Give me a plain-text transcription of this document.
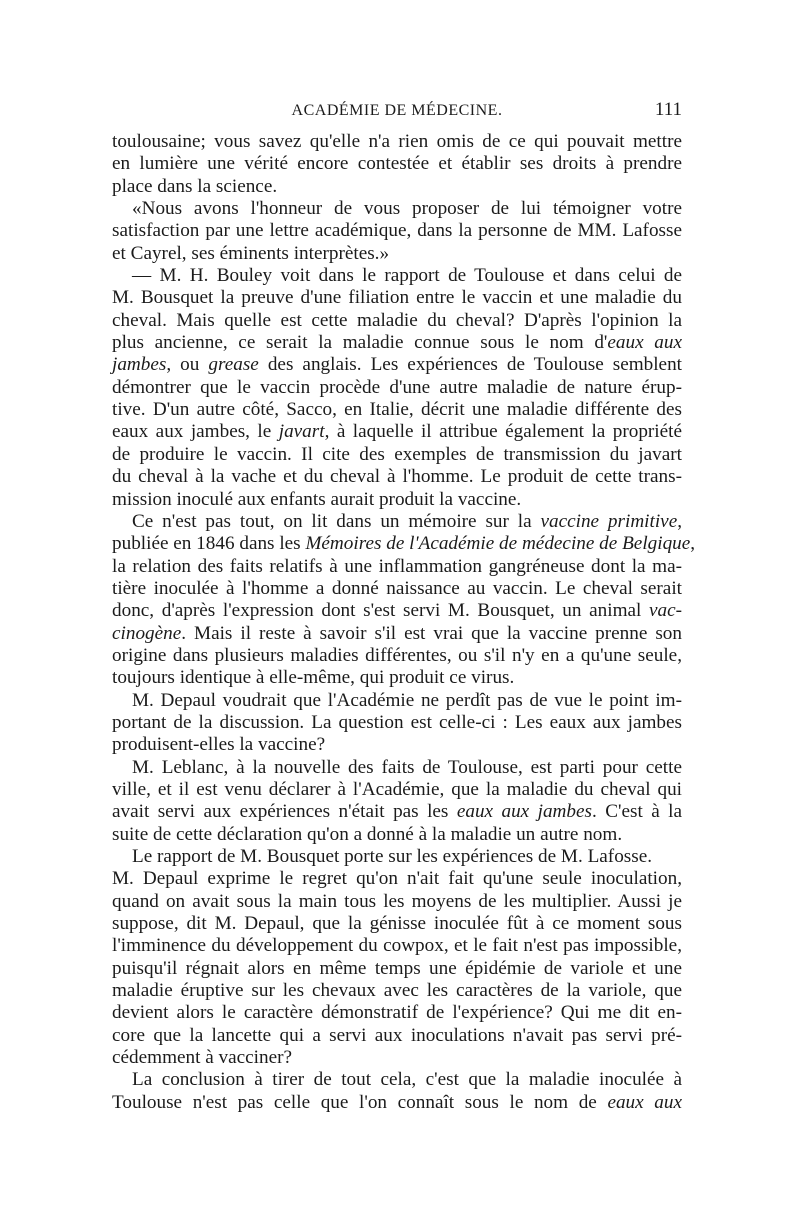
ACADÉMIE DE MÉDECINE.	111
toulousaine; vous savez qu'elle n'a rien omis de ce qui pouvait mettre
en lumière une vérité encore contestée et établir ses droits à prendre
place dans la science.
«Nous avons l'honneur de vous proposer de lui témoigner votre
satisfaction par une lettre académique, dans la personne de MM. Lafosse
et Cayrel, ses éminents interprètes.»
— M. H. Bouley voit dans le rapport de Toulouse et dans celui de
M. Bousquet la preuve d'une filiation entre le vaccin et une maladie du
cheval. Mais quelle est cette maladie du cheval? D'après l'opinion la
plus ancienne, ce serait la maladie connue sous le nom d'eaux aux
jambes, ou grease des anglais. Les expériences de Toulouse semblent
démontrer que le vaccin procède d'une autre maladie de nature érup-
tive. D'un autre côté, Sacco, en Italie, décrit une maladie différente des
eaux aux jambes, le javart, à laquelle il attribue également la propriété
de produire le vaccin. Il cite des exemples de transmission du javart
du cheval à la vache et du cheval à l'homme. Le produit de cette trans-
mission inoculé aux enfants aurait produit la vaccine.
Ce n'est pas tout, on lit dans un mémoire sur la vaccine primitive,
publiée en 1846 dans les Mémoires de l'Académie de médecine de Belgique,
la relation des faits relatifs à une inflammation gangréneuse dont la ma-
tière inoculée à l'homme a donné naissance au vaccin. Le cheval serait
donc, d'après l'expression dont s'est servi M. Bousquet, un animal vac-
cinogène. Mais il reste à savoir s'il est vrai que la vaccine prenne son
origine dans plusieurs maladies différentes, ou s'il n'y en a qu'une seule,
toujours identique à elle-même, qui produit ce virus.
M. Depaul voudrait que l'Académie ne perdît pas de vue le point im-
portant de la discussion. La question est celle-ci : Les eaux aux jambes
produisent-elles la vaccine?
M. Leblanc, à la nouvelle des faits de Toulouse, est parti pour cette
ville, et il est venu déclarer à l'Académie, que la maladie du cheval qui
avait servi aux expériences n'était pas les eaux aux jambes. C'est à la
suite de cette déclaration qu'on a donné à la maladie un autre nom.
Le rapport de M. Bousquet porte sur les expériences de M. Lafosse.
M. Depaul exprime le regret qu'on n'ait fait qu'une seule inoculation,
quand on avait sous la main tous les moyens de les multiplier. Aussi je
suppose, dit M. Depaul, que la génisse inoculée fût à ce moment sous
l'imminence du développement du cowpox, et le fait n'est pas impossible,
puisqu'il régnait alors en même temps une épidémie de variole et une
maladie éruptive sur les chevaux avec les caractères de la variole, que
devient alors le caractère démonstratif de l'expérience? Qui me dit en-
core que la lancette qui a servi aux inoculations n'avait pas servi pré-
cédemment à vacciner?
La conclusion à tirer de tout cela, c'est que la maladie inoculée à
Toulouse n'est pas celle que l'on connaît sous le nom de eaux aux
